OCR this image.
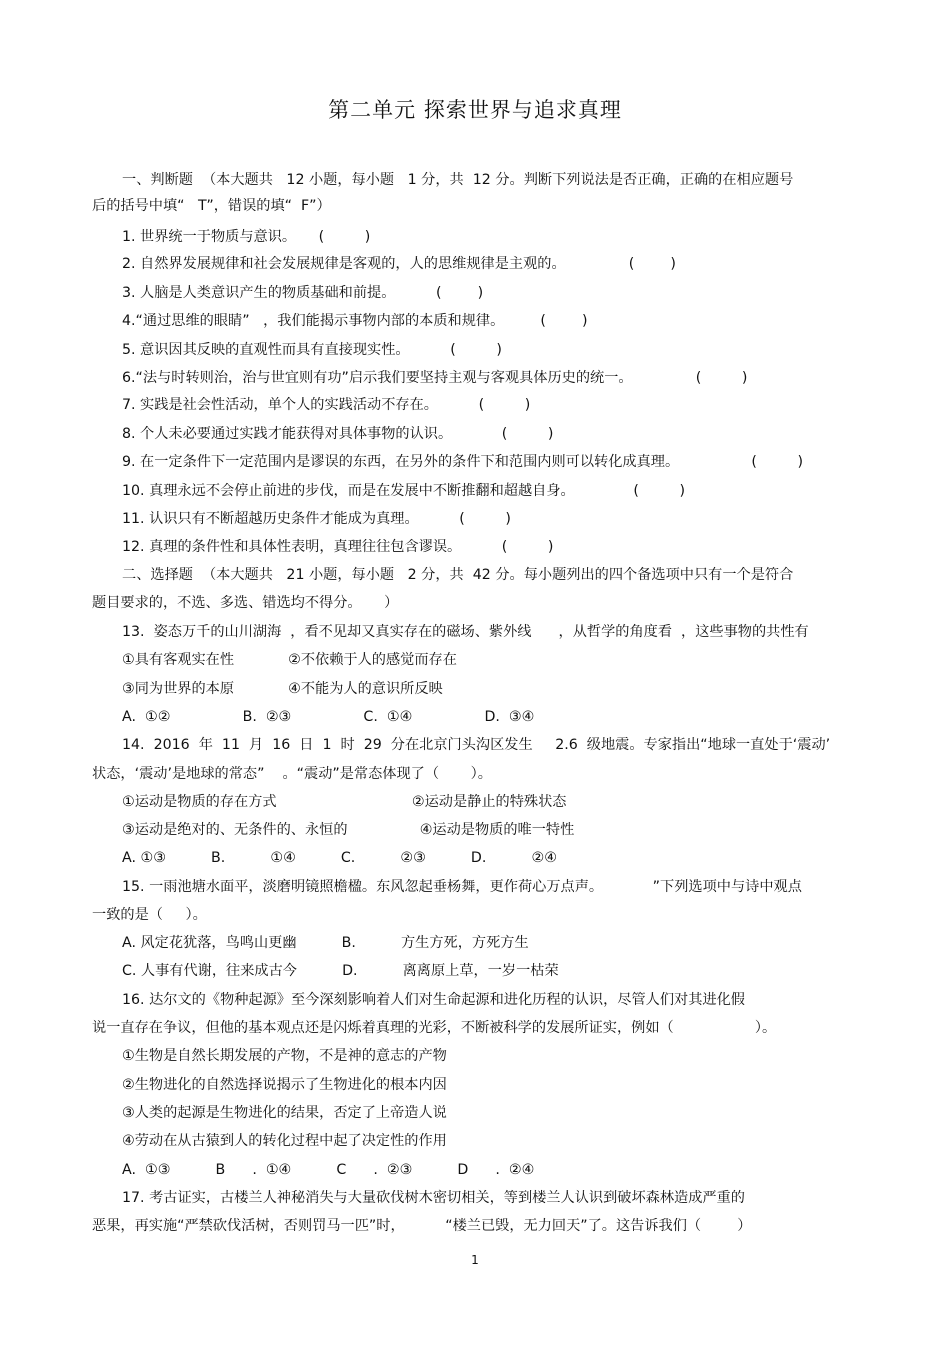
第二单元 探索世界与追求真理
一、判断题  （本大题共   12 小题，每小题   1 分，共  12 分。判断下列说法是否正确，正确的在相应题号
后的括号中填“   T”，错误的填“  F”）
1. 世界统一于物质与意识。     (         )
2. 自然界发展规律和社会发展规律是客观的，人的思维规律是主观的。              (        )
3. 人脑是人类意识产生的物质基础和前提。         (        )
4.“通过思维的眼睛”   ，我们能揭示事物内部的本质和规律。        (        )
5. 意识因其反映的直观性而具有直接现实性。         (         )
6.“法与时转则治，治与世宜则有功”启示我们要坚持主观与客观具体历史的统一。              (         )
7. 实践是社会性活动，单个人的实践活动不存在。         (         )
8. 个人未必要通过实践才能获得对具体事物的认识。           (         )
9. 在一定条件下一定范围内是谬误的东西，在另外的条件下和范围内则可以转化成真理。                (         )
10. 真理永远不会停止前进的步伐，而是在发展中不断推翻和超越自身。             (         )
11. 认识只有不断超越历史条件才能成为真理。         (         )
12. 真理的条件性和具体性表明，真理往往包含谬误。         (         )
二、选择题  （本大题共   21 小题，每小题   2 分，共  42 分。每小题列出的四个备选项中只有一个是符合
题目要求的，不选、多选、错选均不得分。     ）
13.  姿态万千的山川湖海  ，看不见却又真实存在的磁场、紫外线      ，从哲学的角度看  ，这些事物的共性有
①具有客观实在性            ②不依赖于人的感觉而存在
③同为世界的本原            ④不能为人的意识所反映
A.  ①②                B.  ②③                C.  ①④                D.  ③④
14.  2016  年  11  月  16  日  1  时  29  分在北京门头沟区发生     2.6  级地震。专家指出“地球一直处于‘震动’
状态，‘震动’是地球的常态”    。“震动”是常态体现了（       ）。
①运动是物质的存在方式                              ②运动是静止的特殊状态
③运动是绝对的、无条件的、永恒的                ④运动是物质的唯一特性
A. ①③          B.          ①④          C.          ②③          D.          ②④
15. 一雨池塘水面平，淡磨明镜照檐楹。东风忽起垂杨舞，更作荷心万点声。           ”下列选项中与诗中观点
一致的是（     ）。
A. 风定花犹落，鸟鸣山更幽          B.          方生方死，方死方生
C. 人事有代谢，往来成古今          D.          离离原上草，一岁一枯荣
16. 达尔文的《物种起源》至今深刻影响着人们对生命起源和进化历程的认识，尽管人们对其进化假
说一直存在争议，但他的基本观点还是闪烁着真理的光彩，不断被科学的发展所证实，例如（                  ）。
①生物是自然长期发展的产物，不是神的意志的产物
②生物进化的自然选择说揭示了生物进化的根本内因
③人类的起源是生物进化的结果，否定了上帝造人说
④劳动在从古猿到人的转化过程中起了决定性的作用
A.  ①③          B      .  ①④          C      .  ②③          D      .  ②④
17. 考古证实，古楼兰人神秘消失与大量砍伐树木密切相关，等到楼兰人认识到破坏森林造成严重的
恶果，再实施“严禁砍伐活树，否则罚马一匹”时，         “楼兰已毁，无力回天”了。这告诉我们（        ）
1
